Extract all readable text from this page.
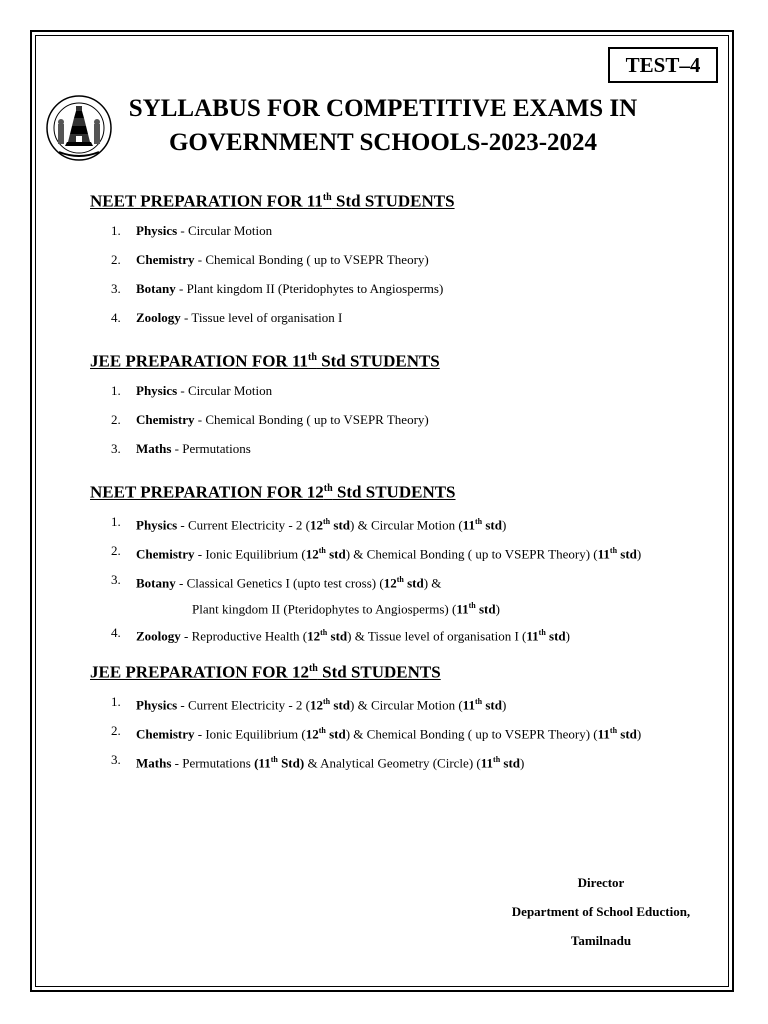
TEST–4
SYLLABUS FOR COMPETITIVE EXAMS IN
GOVERNMENT SCHOOLS-2023-2024
NEET PREPARATION FOR 11th Std STUDENTS
1. Physics - Circular Motion
2. Chemistry - Chemical Bonding ( up to VSEPR Theory)
3. Botany - Plant kingdom II (Pteridophytes to Angiosperms)
4. Zoology - Tissue level of organisation I
JEE PREPARATION FOR 11th Std STUDENTS
1. Physics - Circular Motion
2. Chemistry - Chemical Bonding ( up to VSEPR Theory)
3. Maths - Permutations
NEET PREPARATION FOR 12th Std STUDENTS
1. Physics - Current Electricity - 2 (12th std) & Circular Motion (11th std)
2. Chemistry - Ionic Equilibrium (12th std) & Chemical Bonding ( up to VSEPR Theory) (11th std)
3. Botany - Classical Genetics I (upto test cross) (12th std) &
Plant kingdom II (Pteridophytes to Angiosperms) (11th std)
4. Zoology - Reproductive Health (12th std) & Tissue level of organisation I (11th std)
JEE PREPARATION FOR 12th Std STUDENTS
1. Physics - Current Electricity - 2 (12th std) & Circular Motion (11th std)
2. Chemistry - Ionic Equilibrium (12th std) & Chemical Bonding ( up to VSEPR Theory) (11th std)
3. Maths - Permutations (11th Std) & Analytical Geometry (Circle) (11th std)
Director
Department of School Eduction,
Tamilnadu
